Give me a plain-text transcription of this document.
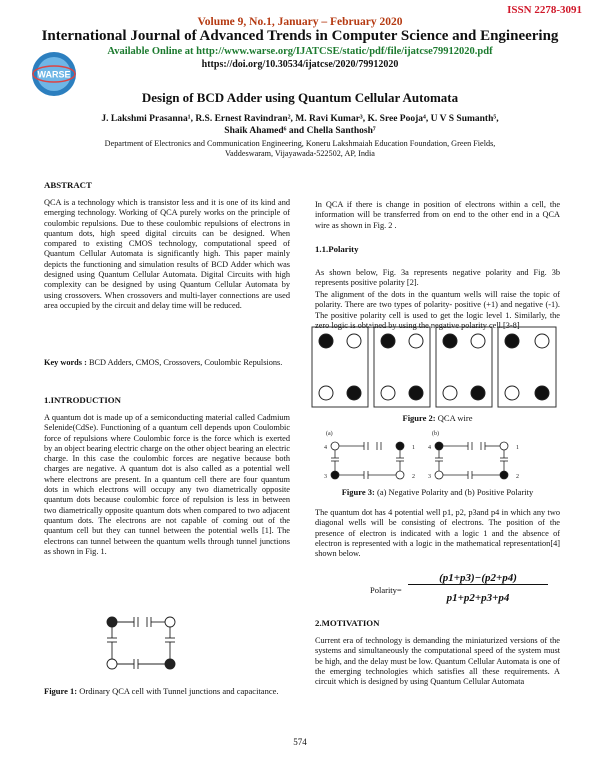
ISSN 2278-3091
Volume 9, No.1, January – February 2020
International Journal of Advanced Trends in Computer Science and Engineering
Available Online at http://www.warse.org/IJATCSE/static/pdf/file/ijatcse79912020.pdf
https://doi.org/10.30534/ijatcse/2020/79912020
WARSE
Design of BCD Adder using Quantum Cellular Automata
J. Lakshmi Prasanna¹, R.S. Ernest Ravindran², M. Ravi Kumar³, K. Sree Pooja⁴, U V S Sumanth⁵,
Shaik Ahamed⁶ and Chella Santhosh⁷
Department of Electronics and Communication Engineering, Koneru Lakshmaiah Education Foundation, Green Fields,
Vaddeswaram, Vijayawada-522502, AP, India
ABSTRACT

QCA is a technology which is transistor less and it is one of its kind and emerging technology. Working of QCA purely works on the principle of coulombic repulsions. Due to these coulombic repulsions of electrons in quantum dots, high speed digital circuits can be designed. When compared to existing CMOS technology, computational speed of Quantum Cellular Automata is significantly high. This paper mainly depicts the functioning and simulation results of BCD Adder which was designed using Quantum Cellular Automata. Digital Circuits with high complexity can be designed by using Quantum Cellular Automata by using crossovers. When crossovers and multi-layer connections are used area occupied by the circuit and delay time will be reduced.

Key words : BCD Adders, CMOS, Crossovers, Coulombic Repulsions.

1.INTRODUCTION

A quantum dot is made up of a semiconducting material called Cadmium Selenide(CdSe). Functioning of a quantum cell depends upon Coulombic force of repulsions where Coulombic force is the force which is exerted by an object bearing electric charge on the other object bearing an electric charge. In this case the coulombic forces are negative because both charges are negative. A quantum dot is also called as a potential well where electrons are present. In a quantum cell there are four quantum dots in which electrons will occupy any two diametrically opposite quantum dots because coulombic force of repulsion is less in between two diametrically opposite quantum dots when compared to two adjacent quantum dots. The electrons are not capable of coming out of the quantum cell but they can tunnel between the potential wells [1]. The electrons can tunnel between the quantum wells through tunnel junctions as shown in Fig. 1.

Figure 1: Ordinary QCA cell with Tunnel junctions and capacitance.

In QCA if there is change in position of electrons within a cell, the information will be transferred from on end to the other end in a QCA wire as shown in Fig. 2 .

1.1.Polarity

As shown below, Fig. 3a represents negative polarity and Fig. 3b represents positive polarity [2].

The alignment of the dots in the quantum wells will raise the topic of polarity. There are two types of polarity- positive (+1) and negative (-1). The positive polarity cell is used to get the logic level 1. Similarly, the zero logic is obtained by using the negative polarity cell.[3-8]

Figure 2: QCA wire

(a)	(b)
4	1
3	2
4	1
3	2

Figure 3: (a) Negative Polarity and (b) Positive Polarity

The quantum dot has 4 potential well p1, p2, p3and p4 in which any two diagonal wells will be consisting of electrons. The position of the presence of electron is indicated with a logic 1 and the absence of electron is represented with a logic in the mathematical representation[4] shown below.

Polarity=
(p1+p3)−(p2+p4)
p1+p2+p3+p4
2.MOTIVATION

Current era of technology is demanding the miniaturized versions of the systems and simultaneously the computational speed of the system must be high, and the delay must be low. Quantum Cellular Automata is one of the emerging technologies which satisfies all these requirements. A circuit which is designed by using Quantum Cellular Automata

574
